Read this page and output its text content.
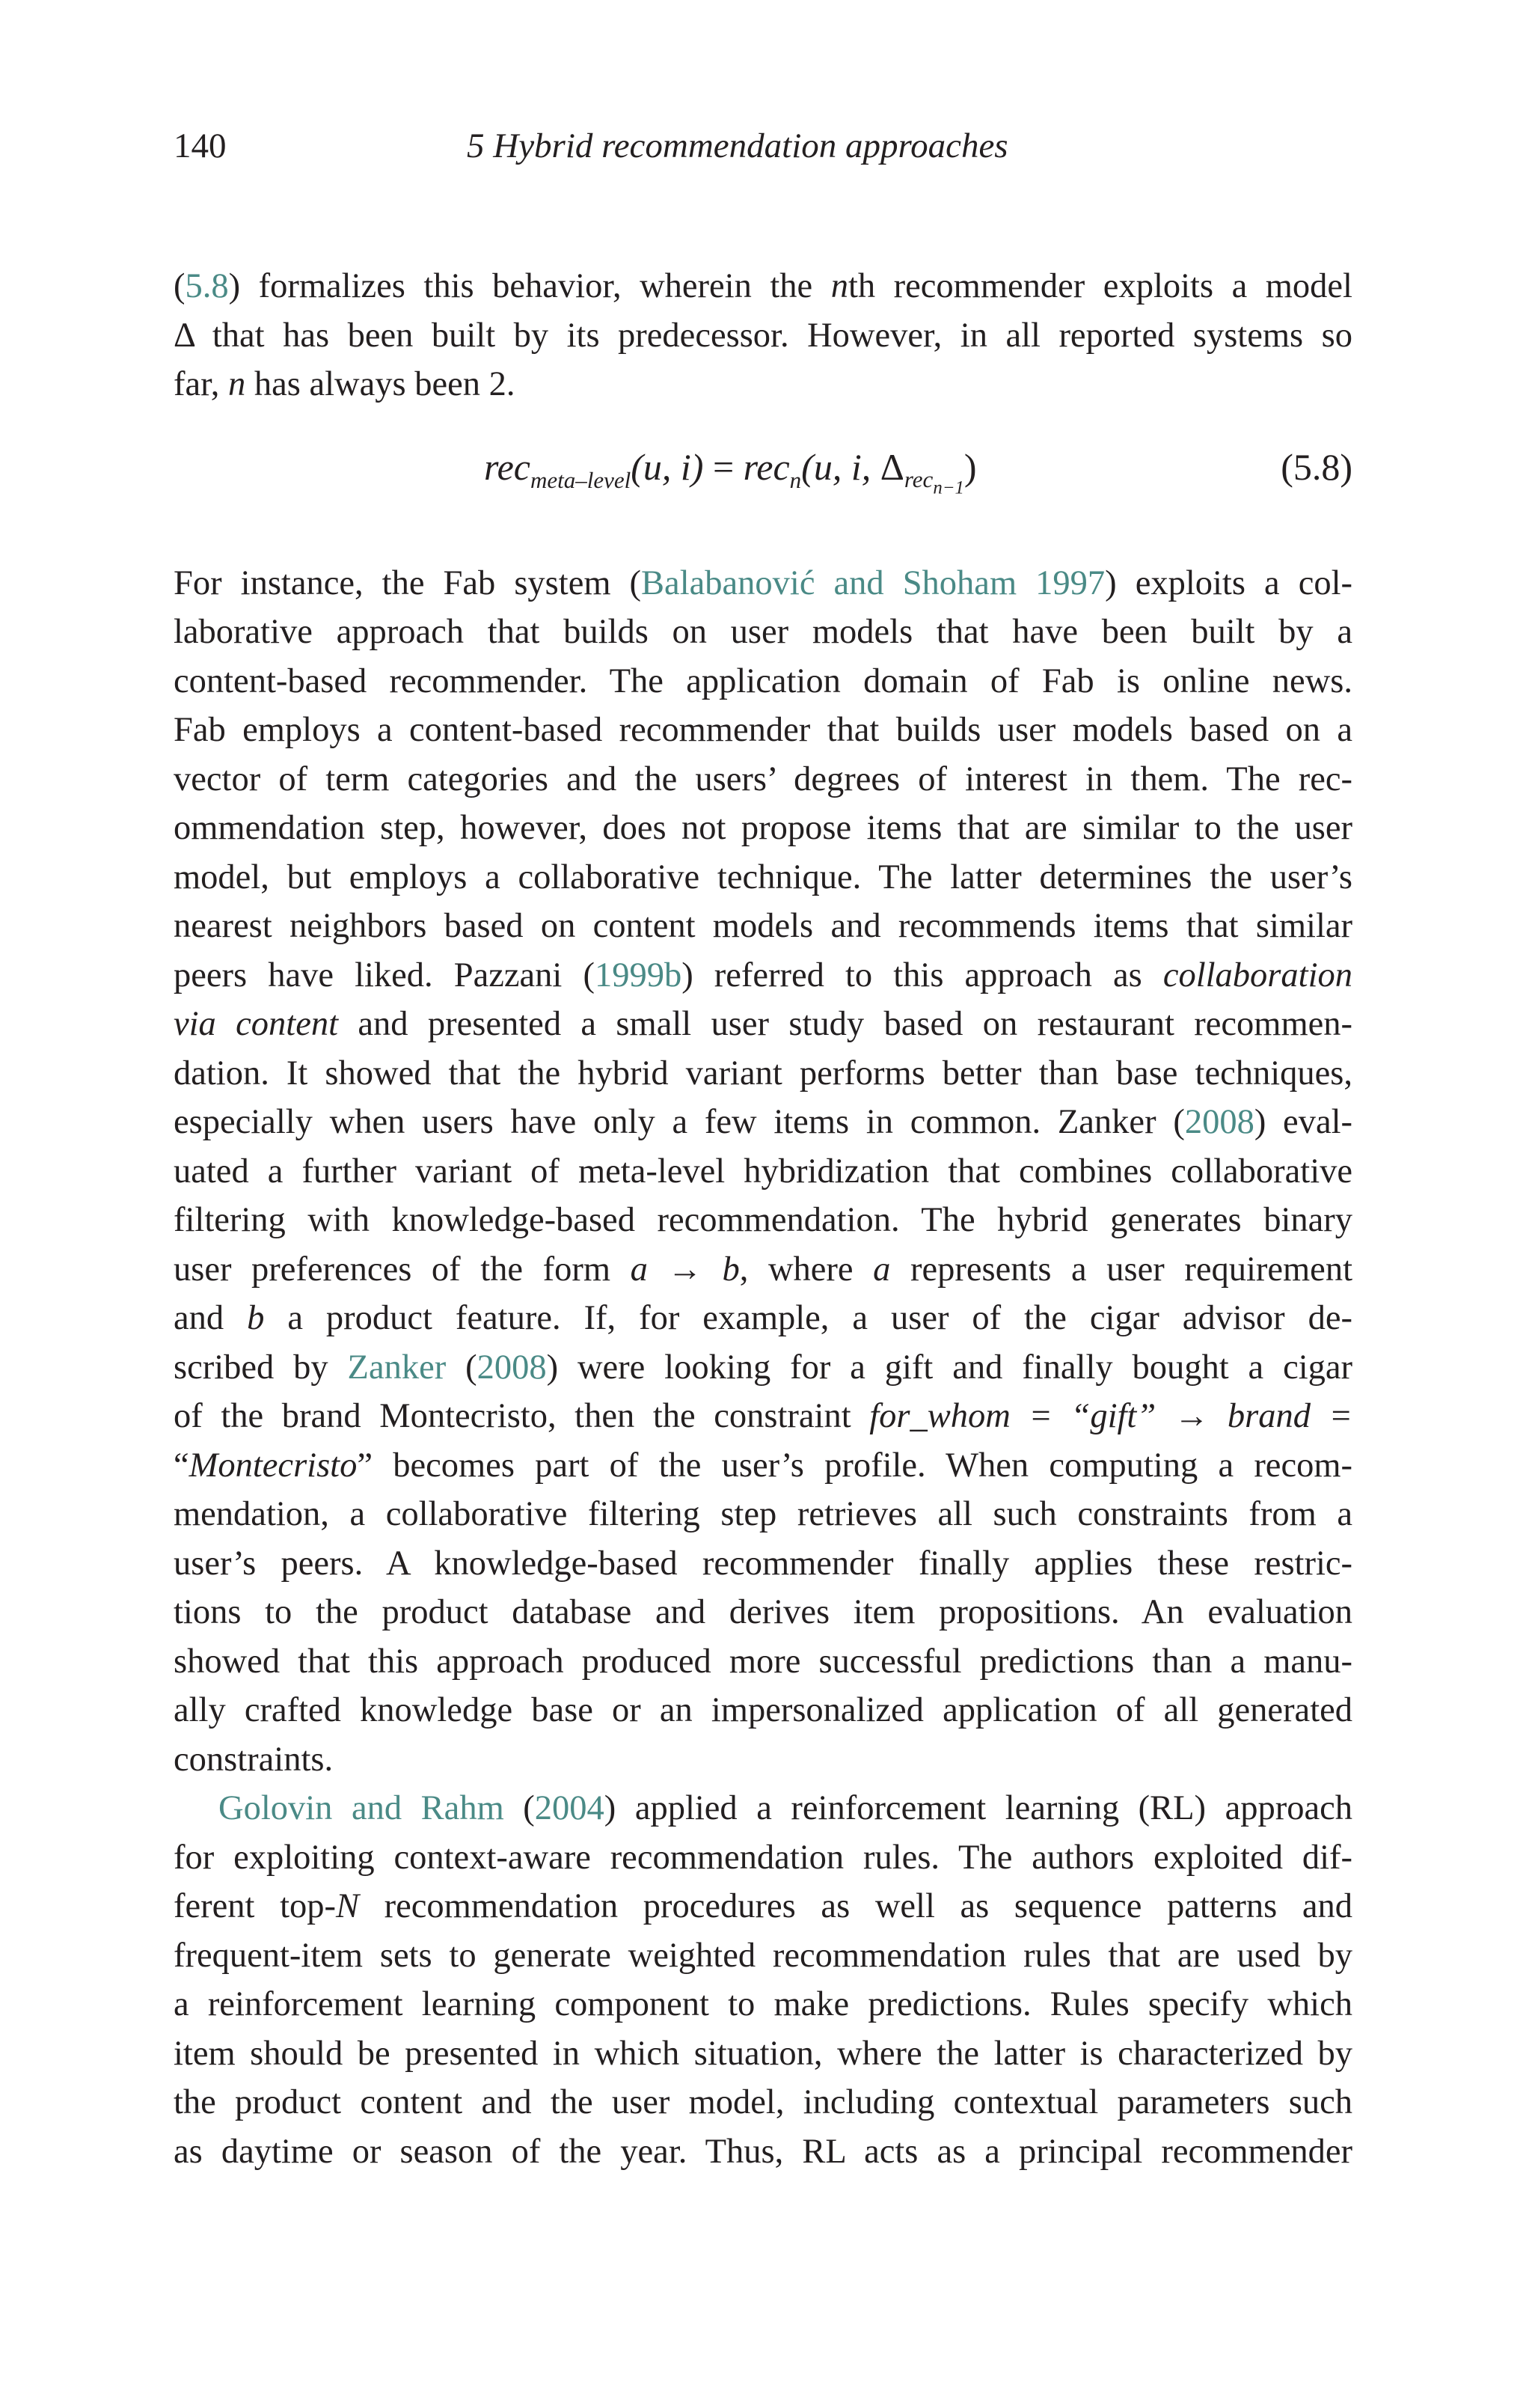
140	5 Hybrid recommendation approaches

(5.8) formalizes this behavior, wherein the nth recommender exploits a model
Δ that has been built by its predecessor. However, in all reported systems so
far, n has always been 2.

rec$_{meta-level}$(u, i) = rec$_n$(u, i, $\Delta_{rec_{n-1}}$)	(5.8)

For instance, the Fab system (Balabanović and Shoham 1997) exploits a col-
laborative approach that builds on user models that have been built by a
content-based recommender. The application domain of Fab is online news.
Fab employs a content-based recommender that builds user models based on a
vector of term categories and the users’ degrees of interest in them. The rec-
ommendation step, however, does not propose items that are similar to the user
model, but employs a collaborative technique. The latter determines the user’s
nearest neighbors based on content models and recommends items that similar
peers have liked. Pazzani (1999b) referred to this approach as collaboration
via content and presented a small user study based on restaurant recommen-
dation. It showed that the hybrid variant performs better than base techniques,
especially when users have only a few items in common. Zanker (2008) eval-
uated a further variant of meta-level hybridization that combines collaborative
filtering with knowledge-based recommendation. The hybrid generates binary
user preferences of the form a → b, where a represents a user requirement
and b a product feature. If, for example, a user of the cigar advisor de-
scribed by Zanker (2008) were looking for a gift and finally bought a cigar
of the brand Montecristo, then the constraint for_whom = “gift” → brand =
“Montecristo” becomes part of the user’s profile. When computing a recom-
mendation, a collaborative filtering step retrieves all such constraints from a
user’s peers. A knowledge-based recommender finally applies these restric-
tions to the product database and derives item propositions. An evaluation
showed that this approach produced more successful predictions than a manu-
ally crafted knowledge base or an impersonalized application of all generated
constraints.

Golovin and Rahm (2004) applied a reinforcement learning (RL) approach
for exploiting context-aware recommendation rules. The authors exploited dif-
ferent top-N recommendation procedures as well as sequence patterns and
frequent-item sets to generate weighted recommendation rules that are used by
a reinforcement learning component to make predictions. Rules specify which
item should be presented in which situation, where the latter is characterized by
the product content and the user model, including contextual parameters such
as daytime or season of the year. Thus, RL acts as a principal recommender
